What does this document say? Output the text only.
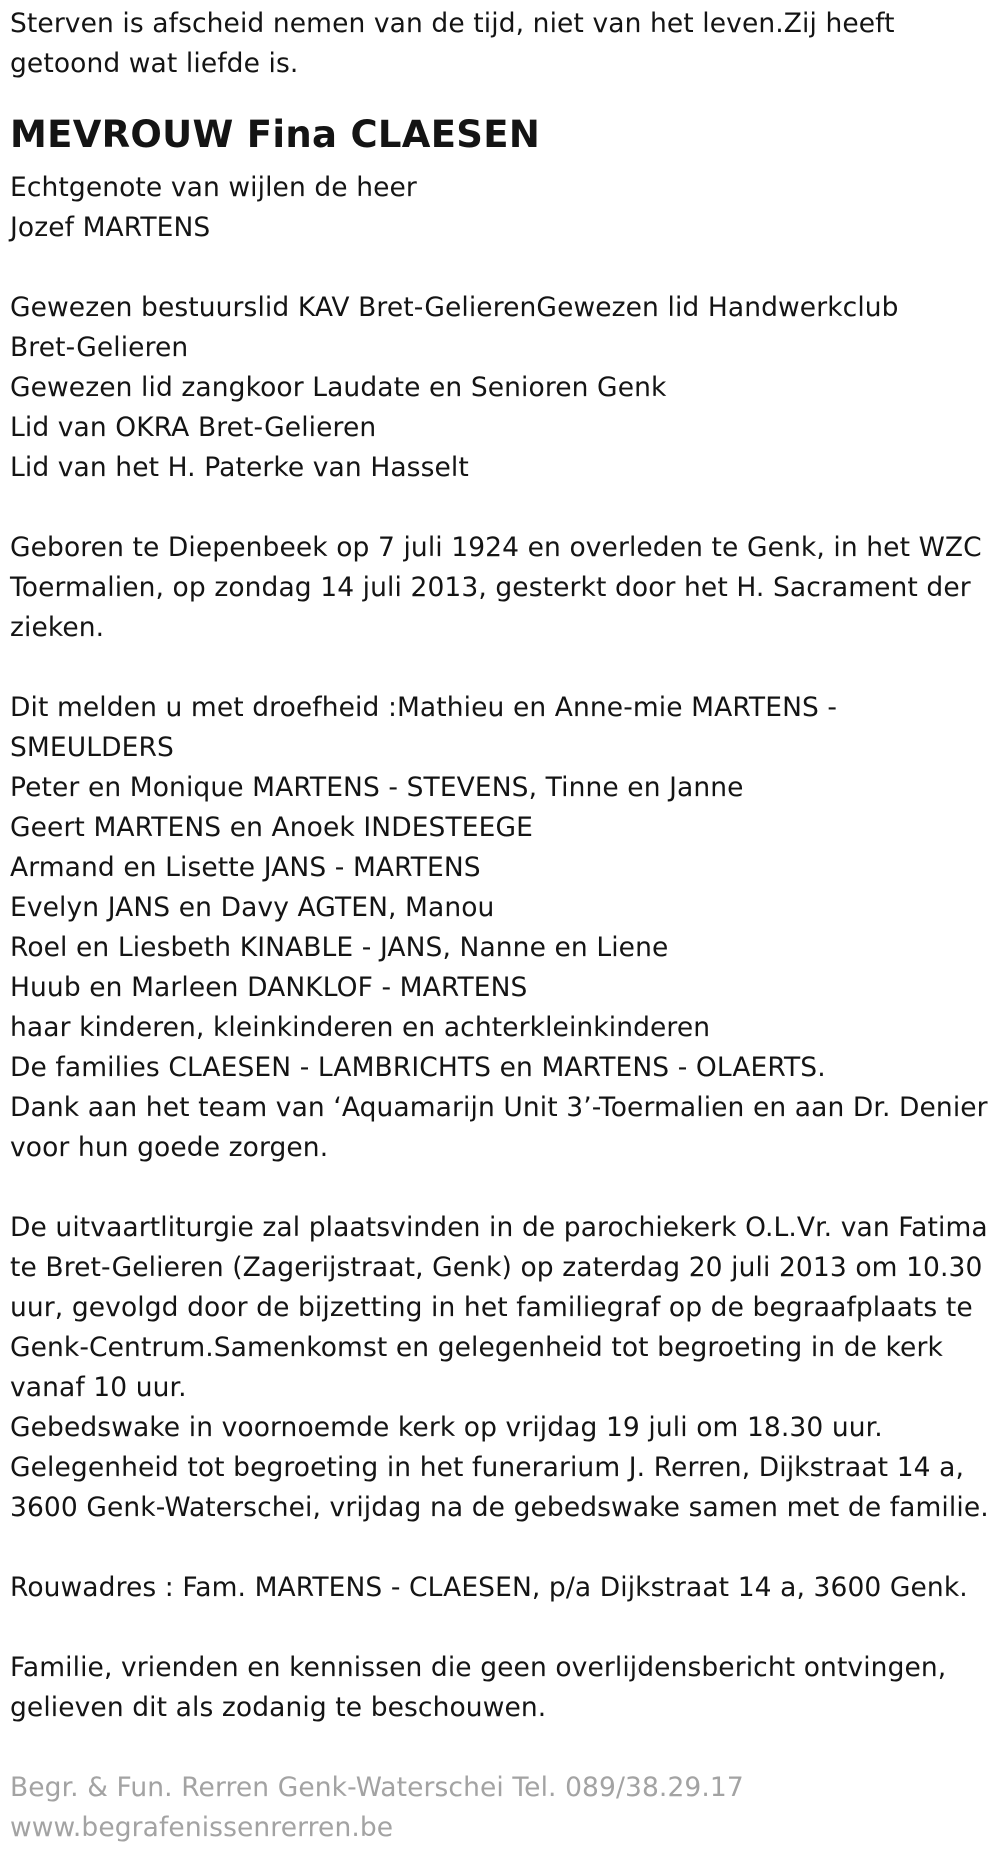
Sterven is afscheid nemen van de tijd, niet van het leven.Zij heeft
getoond wat liefde is.
MEVROUW Fina CLAESEN
Echtgenote van wijlen de heer
Jozef MARTENS
Gewezen bestuurslid KAV Bret-GelierenGewezen lid Handwerkclub
Bret-Gelieren
Gewezen lid zangkoor Laudate en Senioren Genk
Lid van OKRA Bret-Gelieren
Lid van het H. Paterke van Hasselt
Geboren te Diepenbeek op 7 juli 1924 en overleden te Genk, in het WZC
Toermalien, op zondag 14 juli 2013, gesterkt door het H. Sacrament der
zieken.
Dit melden u met droefheid :Mathieu en Anne-mie MARTENS -
SMEULDERS
Peter en Monique MARTENS - STEVENS, Tinne en Janne
Geert MARTENS en Anoek INDESTEEGE
Armand en Lisette JANS - MARTENS
Evelyn JANS en Davy AGTEN, Manou
Roel en Liesbeth KINABLE - JANS, Nanne en Liene
Huub en Marleen DANKLOF - MARTENS
haar kinderen, kleinkinderen en achterkleinkinderen
De families CLAESEN - LAMBRICHTS en MARTENS - OLAERTS.
Dank aan het team van ‘Aquamarijn Unit 3’-Toermalien en aan Dr. Denier
voor hun goede zorgen.
De uitvaartliturgie zal plaatsvinden in de parochiekerk O.L.Vr. van Fatima
te Bret-Gelieren (Zagerijstraat, Genk) op zaterdag 20 juli 2013 om 10.30
uur, gevolgd door de bijzetting in het familiegraf op de begraafplaats te
Genk-Centrum.Samenkomst en gelegenheid tot begroeting in de kerk
vanaf 10 uur.
Gebedswake in voornoemde kerk op vrijdag 19 juli om 18.30 uur.
Gelegenheid tot begroeting in het funerarium J. Rerren, Dijkstraat 14 a,
3600 Genk-Waterschei, vrijdag na de gebedswake samen met de familie.
Rouwadres : Fam. MARTENS - CLAESEN, p/a Dijkstraat 14 a, 3600 Genk.
Familie, vrienden en kennissen die geen overlijdensbericht ontvingen,
gelieven dit als zodanig te beschouwen.
Begr. & Fun. Rerren Genk-Waterschei Tel. 089/38.29.17
www.begrafenissenrerren.be
